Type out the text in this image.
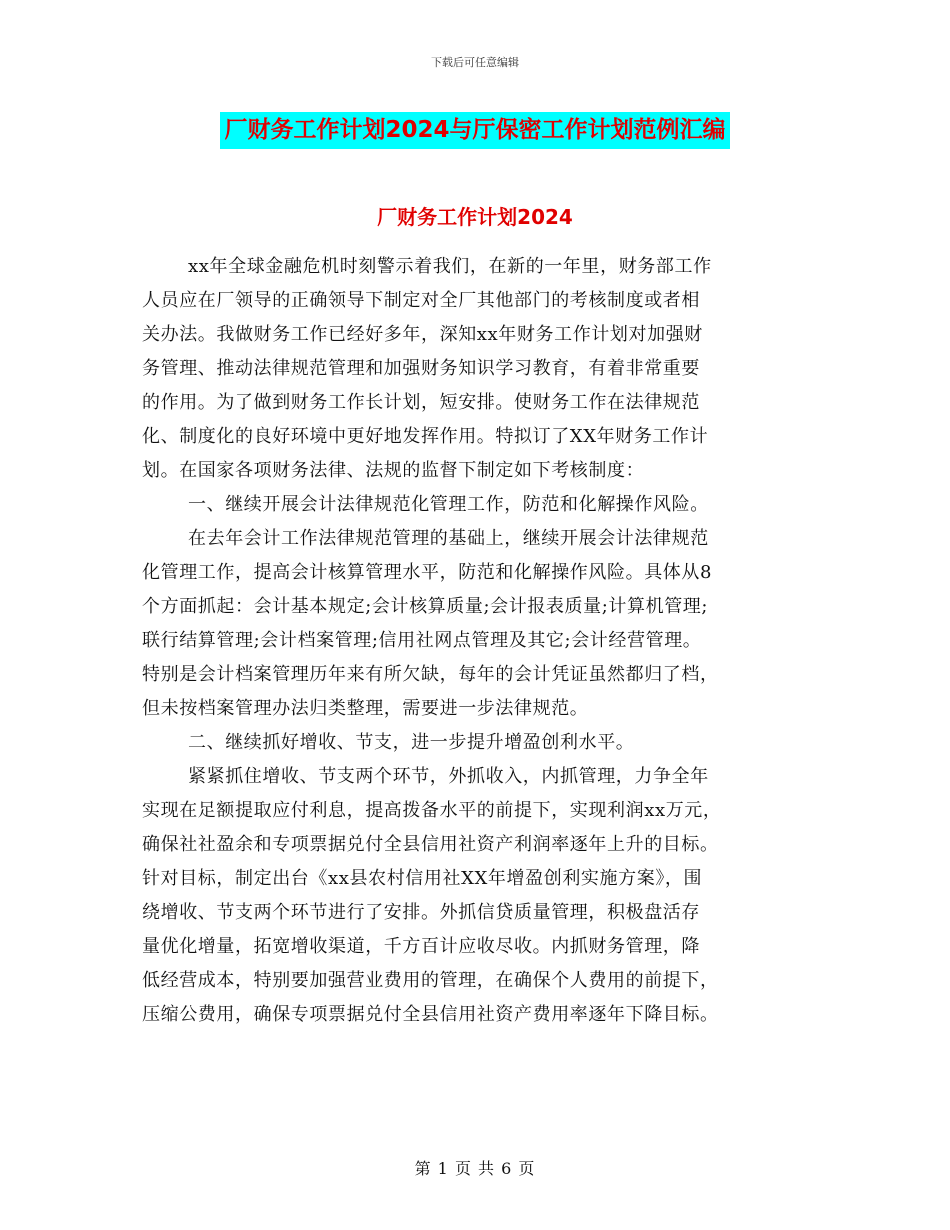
下载后可任意编辑
厂财务工作计划2024与厅保密工作计划范例汇编
厂财务工作计划2024
xx年全球金融危机时刻警示着我们，在新的一年里，财务部工作
人员应在厂领导的正确领导下制定对全厂其他部门的考核制度或者相
关办法。我做财务工作已经好多年，深知xx年财务工作计划对加强财
务管理、推动法律规范管理和加强财务知识学习教育，有着非常重要
的作用。为了做到财务工作长计划，短安排。使财务工作在法律规范
化、制度化的良好环境中更好地发挥作用。特拟订了XX年财务工作计
划。在国家各项财务法律、法规的监督下制定如下考核制度：
一、继续开展会计法律规范化管理工作，防范和化解操作风险。
在去年会计工作法律规范管理的基础上，继续开展会计法律规范
化管理工作，提高会计核算管理水平，防范和化解操作风险。具体从8
个方面抓起：会计基本规定;会计核算质量;会计报表质量;计算机管理;
联行结算管理;会计档案管理;信用社网点管理及其它;会计经营管理。
特别是会计档案管理历年来有所欠缺，每年的会计凭证虽然都归了档，
但未按档案管理办法归类整理，需要进一步法律规范。
二、继续抓好增收、节支，进一步提升增盈创利水平。
紧紧抓住增收、节支两个环节，外抓收入，内抓管理，力争全年
实现在足额提取应付利息，提高拨备水平的前提下，实现利润xx万元，
确保社社盈余和专项票据兑付全县信用社资产利润率逐年上升的目标。
针对目标，制定出台《xx县农村信用社XX年增盈创利实施方案》，围
绕增收、节支两个环节进行了安排。外抓信贷质量管理，积极盘活存
量优化增量，拓宽增收渠道，千方百计应收尽收。内抓财务管理，降
低经营成本，特别要加强营业费用的管理，在确保个人费用的前提下，
压缩公费用，确保专项票据兑付全县信用社资产费用率逐年下降目标。
第 1 页 共 6 页
